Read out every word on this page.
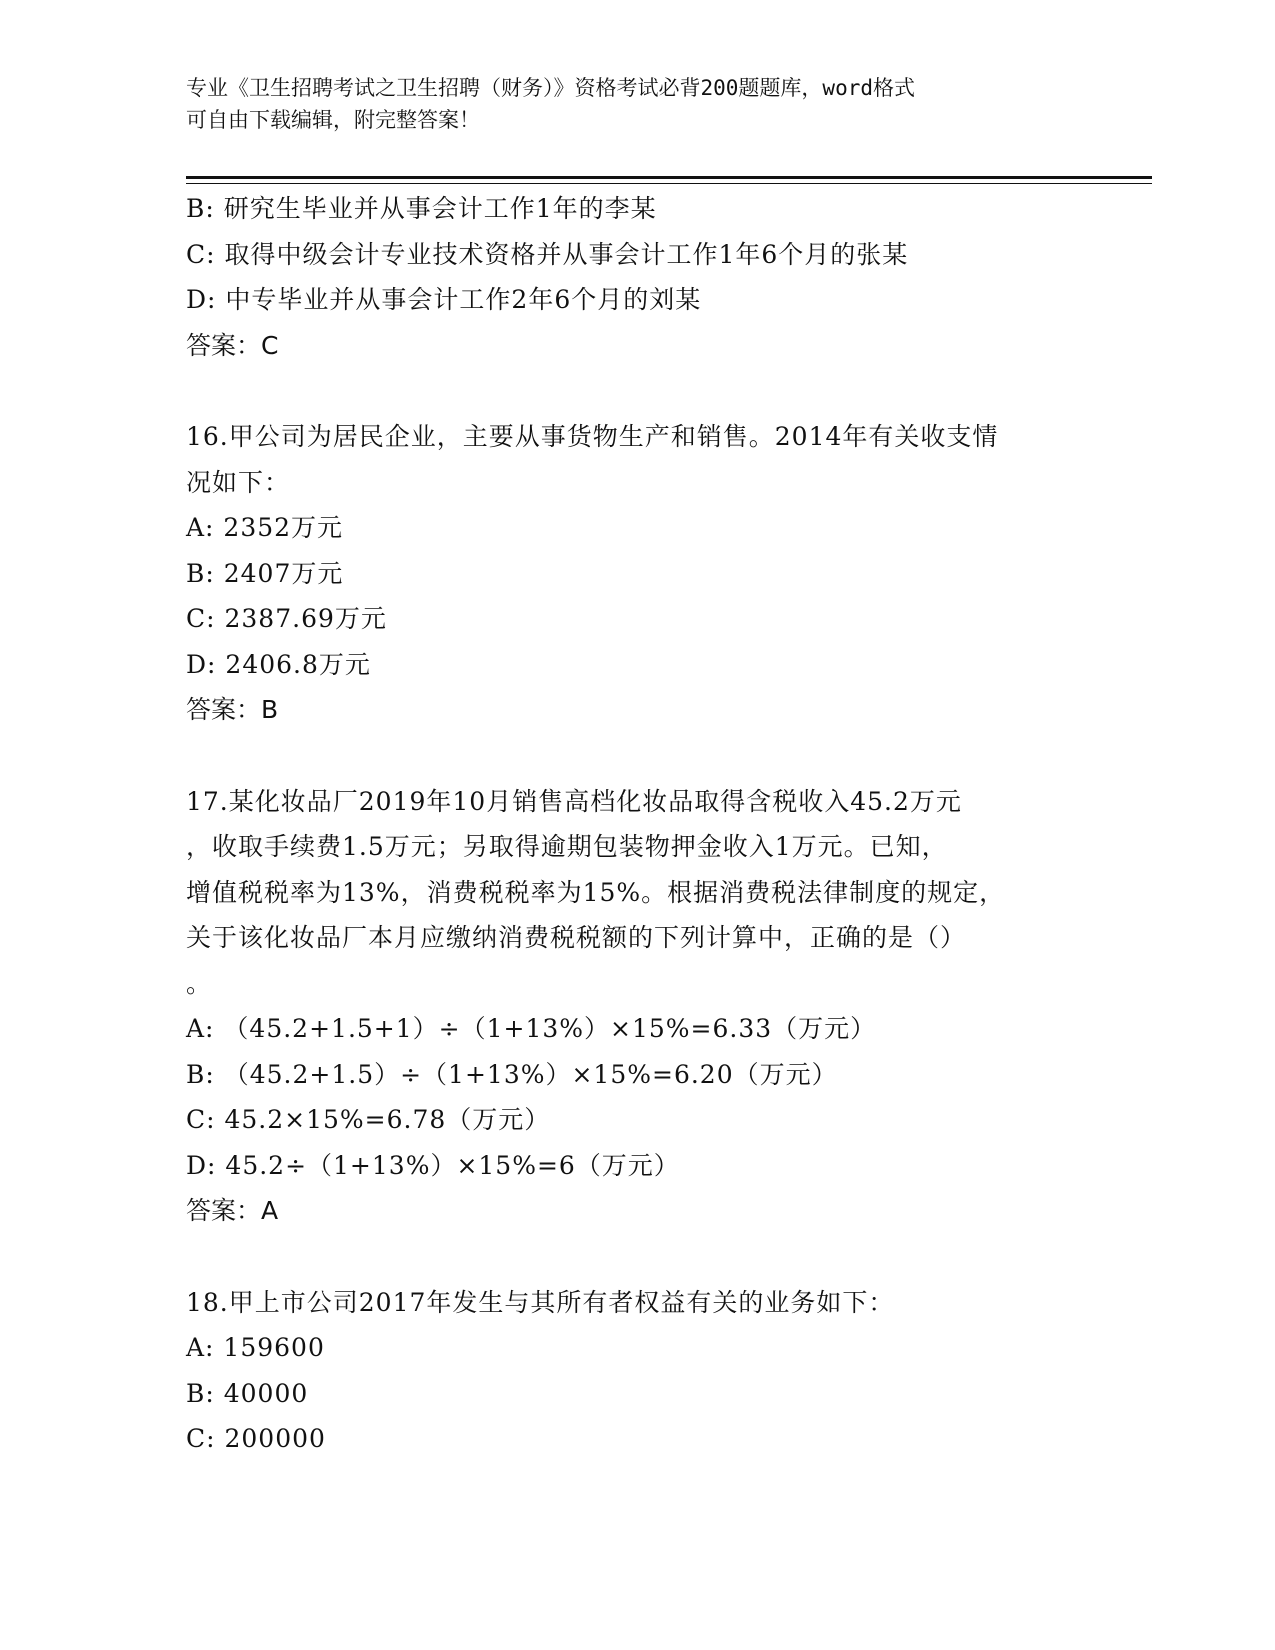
专业《卫生招聘考试之卫生招聘（财务）》资格考试必背200题题库，word格式
可自由下载编辑，附完整答案！
B: 研究生毕业并从事会计工作1年的李某
C: 取得中级会计专业技术资格并从事会计工作1年6个月的张某
D: 中专毕业并从事会计工作2年6个月的刘某
答案：C
16.甲公司为居民企业，主要从事货物生产和销售。2014年有关收支情
况如下：
A: 2352万元
B: 2407万元
C: 2387.69万元
D: 2406.8万元
答案：B
17.某化妆品厂2019年10月销售高档化妆品取得含税收入45.2万元
，收取手续费1.5万元；另取得逾期包装物押金收入1万元。已知，
增值税税率为13%，消费税税率为15%。根据消费税法律制度的规定，
关于该化妆品厂本月应缴纳消费税税额的下列计算中，正确的是（）
。
A: （45.2+1.5+1）÷（1+13%）×15%=6.33（万元）
B: （45.2+1.5）÷（1+13%）×15%=6.20（万元）
C: 45.2×15%=6.78（万元）
D: 45.2÷（1+13%）×15%=6（万元）
答案：A
18.甲上市公司2017年发生与其所有者权益有关的业务如下：
A: 159600
B: 40000
C: 200000
